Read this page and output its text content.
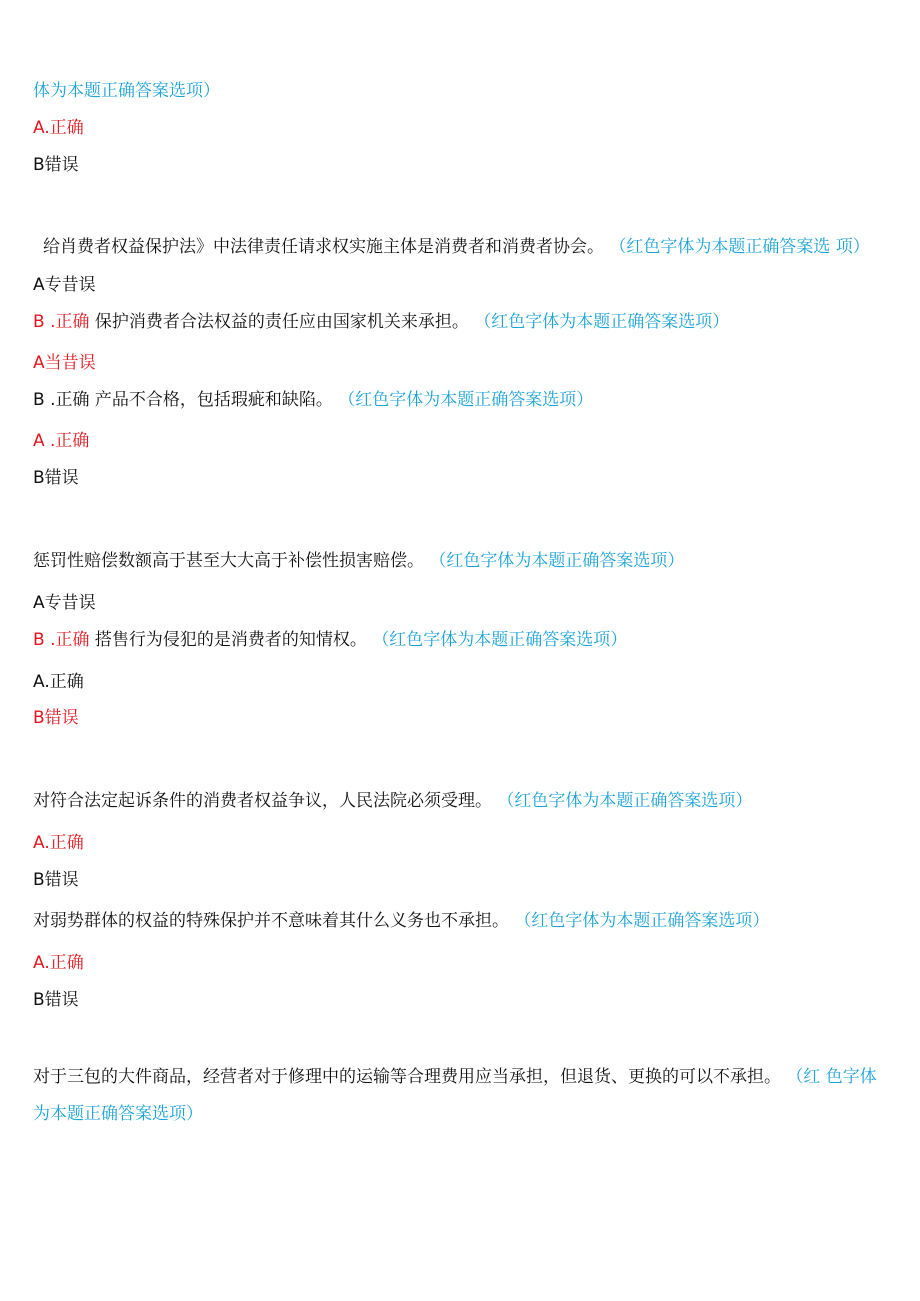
体为本题正确答案选项）
A.正确
B错误
给肖费者权益保护法》中法律责任请求权实施主体是消费者和消费者协会。 （红色字体为本题正确答案选 项）
A专昔误
B .正确 保护消费者合法权益的责任应由国家机关来承担。 （红色字体为本题正确答案选项）
A当昔误
B .正确 产品不合格，包括瑕疵和缺陷。 （红色字体为本题正确答案选项）
A .正确
B错误
惩罚性赔偿数额高于甚至大大高于补偿性损害赔偿。 （红色字体为本题正确答案选项）
A专昔误
B .正确 搭售行为侵犯的是消费者的知情权。 （红色字体为本题正确答案选项）
A.正确
B错误
对符合法定起诉条件的消费者权益争议，人民法院必须受理。 （红色字体为本题正确答案选项）
A.正确
B错误
对弱势群体的权益的特殊保护并不意味着其什么义务也不承担。 （红色字体为本题正确答案选项）
A.正确
B错误
对于三包的大件商品，经营者对于修理中的运输等合理费用应当承担，但退货、更换的可以不承担。 （红 色字体
为本题正确答案选项）
